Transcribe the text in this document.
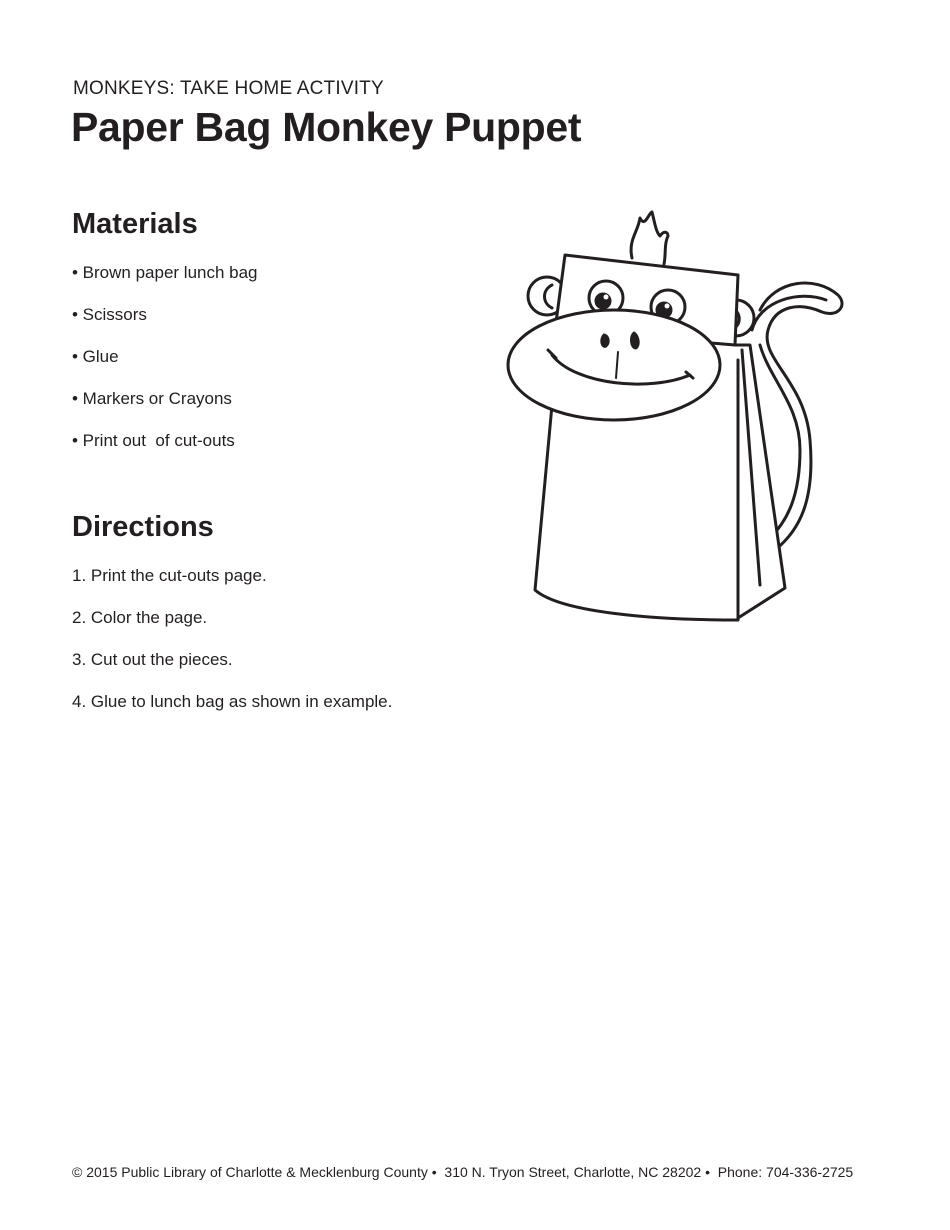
MONKEYS: TAKE HOME ACTIVITY
Paper Bag Monkey Puppet
Materials
• Brown paper lunch bag
• Scissors
• Glue
• Markers or Crayons
• Print out  of cut-outs
Directions
1. Print the cut-outs page.
2. Color the page.
3. Cut out the pieces.
4. Glue to lunch bag as shown in example.
© 2015 Public Library of Charlotte & Mecklenburg County •  310 N. Tryon Street, Charlotte, NC 28202 •  Phone: 704-336-2725
